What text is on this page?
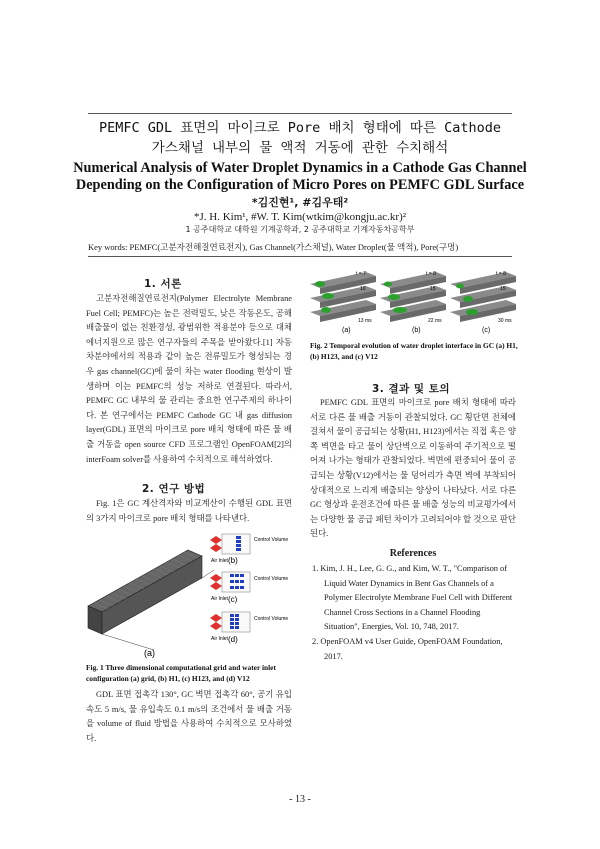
PEMFC GDL 표면의 마이크로 Pore 배치 형태에 따른 Cathode
가스채널 내부의 물 액적 거동에 관한 수치해석
Numerical Analysis of Water Droplet Dynamics in a Cathode Gas Channel
Depending on the Configuration of Micro Pores on PEMFC GDL Surface
*김진현¹, #김우태²
*J. H. Kim¹, #W. T. Kim(wtkim@kongju.ac.kr)²
1 공주대학교 대학원 기계공학과, 2 공주대학교 기계자동차공학부
Key words: PEMFC(고분자전해질연료전지), Gas Channel(가스채널), Water Droplet(물 액적), Pore(구멍)
1. 서론

고분자전해질연료전지(Polymer Electrolyte Membrane Fuel Cell; PEMFC)는 높은 전력밀도, 낮은 작동온도, 공해배출물이 없는 친환경성, 광범위한 적용분야 등으로 대체에너지원으로 많은 연구자들의 주목을 받아왔다.[1] 자동차분야에서의 적용과 같이 높은 전류밀도가 형성되는 경우 gas channel(GC)에 물이 차는 water flooding 현상이 발생하며 이는 PEMFC의 성능 저하로 연결된다. 따라서, PEMFC GC 내부의 물 관리는 중요한 연구주제의 하나이다. 본 연구에서는 PEMFC Cathode GC 내 gas diffusion layer(GDL) 표면의 마이크로 pore 배치 형태에 따른 물 배출 거동을 open source CFD 프로그램인 OpenFOAM[2]의 interFoam solver를 사용하여 수치적으로 해석하였다.

2. 연구 방법

Fig. 1은 GC 계산격자와 비교계산이 수행된 GDL 표면의 3가지 마이크로 pore 배치 형태를 나타낸다.

(a)
Air Inlet (b)
Control Volume
Air Inlet (c)
Control Volume
Air Inlet (d)
Control Volume
Fig. 1 Three dimensional computational grid and water inlet configuration (a) grid, (b) H1, (c) H123, and (d) V12

GDL 표면 접촉각 130°, GC 벽면 접촉각 60°, 공기 유입속도 5 m/s, 물 유입속도 0.1 m/s의 조건에서 물 배출 거동을 volume of fluid 방법을 사용하여 수치적으로 모사하였다.

t = 7
10
13 ms
(a)
t = 8
15
22 ms
(b)
t = 8
15
30 ms
(c)
Fig. 2 Temporal evolution of water droplet interface in GC (a) H1, (b) H123, and (c) V12
3. 결과 및 토의

PEMFC GDL 표면의 마이크로 pore 배치 형태에 따라 서로 다른 물 배출 거동이 관찰되었다. GC 횡단면 전체에 걸쳐서 물이 공급되는 상황(H1, H123)에서는 직접 혹은 양쪽 벽면을 타고 물이 상단벽으로 이동하여 주기적으로 떨어져 나가는 형태가 관찰되었다. 벽면에 편중되어 물이 공급되는 상황(V12)에서는 물 덩어리가 측면 벽에 부착되어 상대적으로 느리게 배출되는 양상이 나타났다. 서로 다른 GC 형상과 운전조건에 따른 물 배출 성능의 비교평가에서는 다양한 물 공급 패턴 차이가 고려되어야 할 것으로 판단된다.

References
1. Kim, J. H., Lee, G. G., and Kim, W. T., "Comparison of Liquid Water Dynamics in Bent Gas Channels of a Polymer Electrolyte Membrane Fuel Cell with Different Channel Cross Sections in a Channel Flooding Situation", Energies, Vol. 10, 748, 2017.
2. OpenFOAM v4 User Guide, OpenFOAM Foundation, 2017.
- 13 -
